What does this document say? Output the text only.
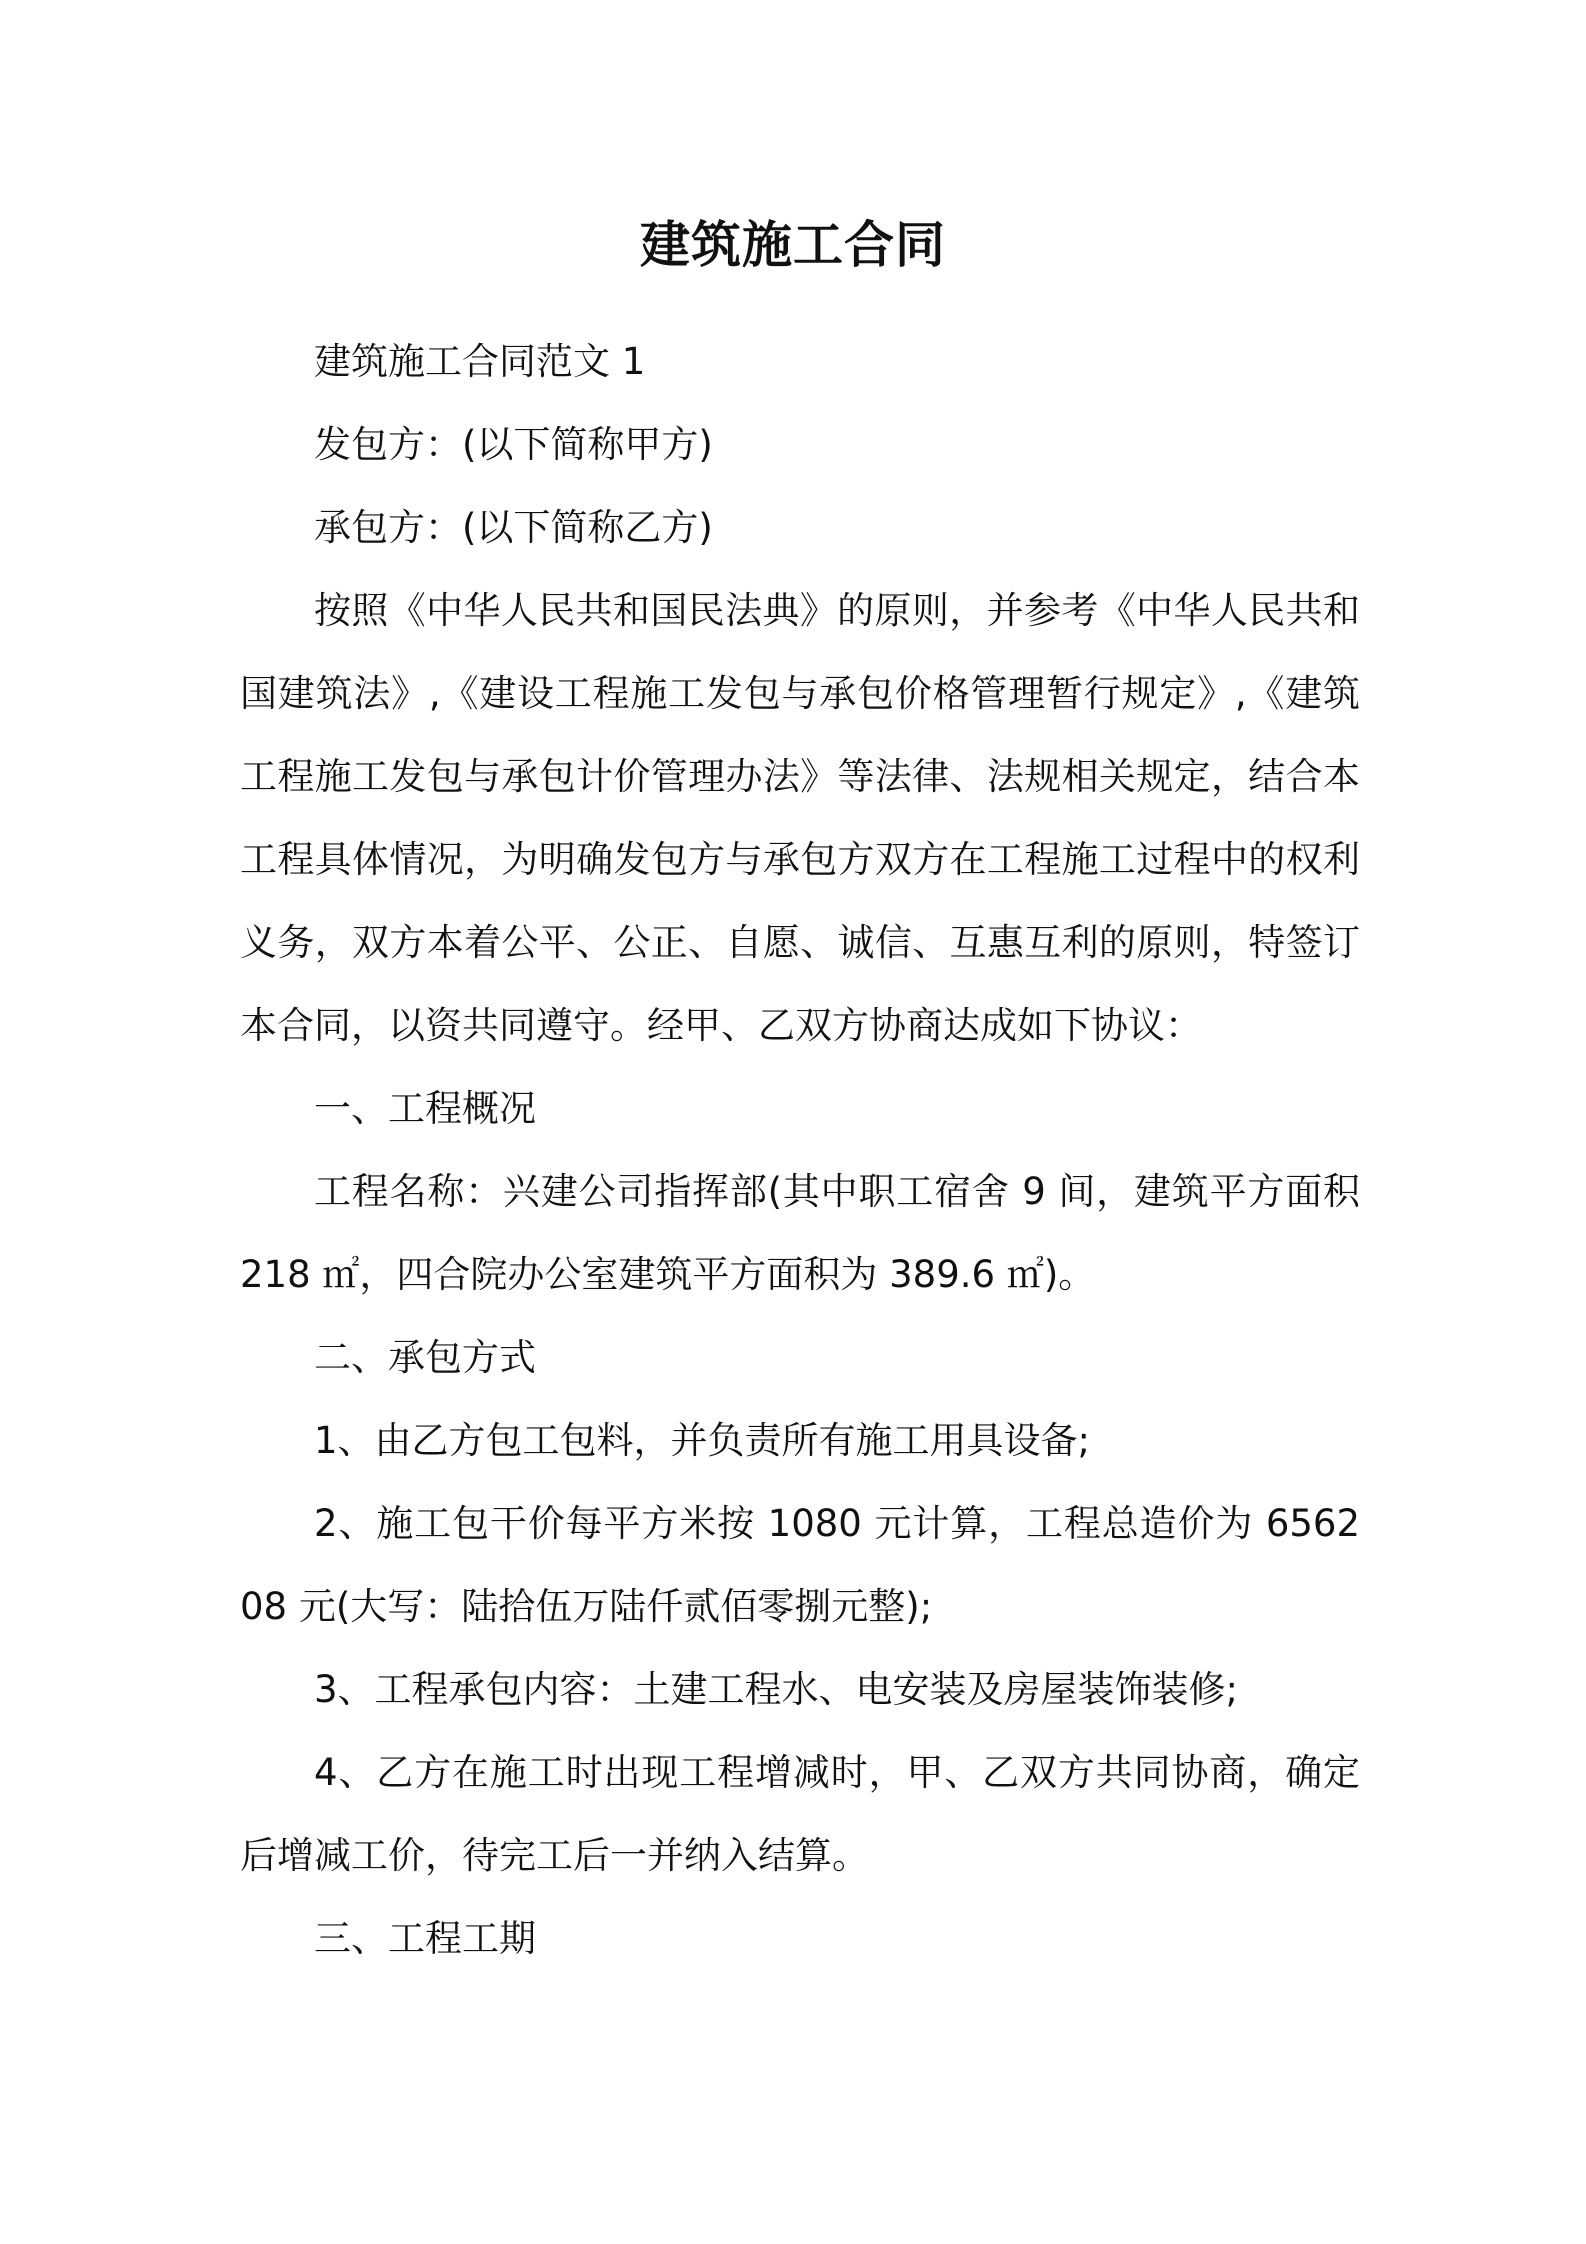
建筑施工合同

建筑施工合同范文 1

发包方：(以下简称甲方)

承包方：(以下简称乙方)

按照《中华人民共和国民法典》的原则，并参考《中华人民共和国建筑法》,《建设工程施工发包与承包价格管理暂行规定》,《建筑工程施工发包与承包计价管理办法》等法律、法规相关规定，结合本工程具体情况，为明确发包方与承包方双方在工程施工过程中的权利义务，双方本着公平、公正、自愿、诚信、互惠互利的原则，特签订本合同，以资共同遵守。经甲、乙双方协商达成如下协议：

一、工程概况

工程名称：兴建公司指挥部(其中职工宿舍 9 间，建筑平方面积 218 ㎡，四合院办公室建筑平方面积为 389.6 ㎡)。

二、承包方式

1、由乙方包工包料，并负责所有施工用具设备;

2、施工包干价每平方米按 1080 元计算，工程总造价为 656208 元(大写：陆拾伍万陆仟贰佰零捌元整);

3、工程承包内容：土建工程水、电安装及房屋装饰装修;

4、乙方在施工时出现工程增减时，甲、乙双方共同协商，确定后增减工价，待完工后一并纳入结算。

三、工程工期
